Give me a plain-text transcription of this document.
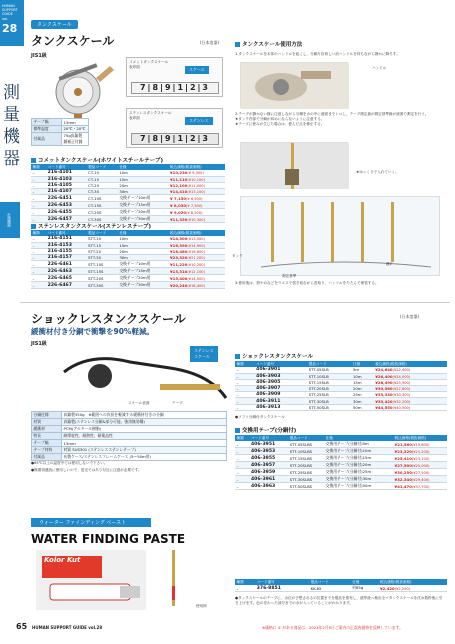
HUMAN
SUPPORT
GUIDE
vol.
28
測量機器
計測機器
タンクスケール
タンクスケール	(日本度器)
JIS1級
テープ幅	13mm
標準温度	20℃・20℃
付属品	75g真鍮製
錘補正付錘
コメットタンクスケール
表印面
スケール
7|8|9|1|2|3
ステンレスタンクスケール
表印面
ステンレス
7|8|9|1|2|3
タンクスケール使用方法
1.タンクスケールを本体のハンドルを起こし、分銅片負荷しい前ハンドルを持ちながら静かに降ろす。
ハンドル
2.テープが静かない様に注意しながら分銅を水の中に液面までトロし、テープ測定値が測定基準線が液面で測定を行う。
★タンク内部で分銅が斜めにならないように注意する。
★テープに使みが生じた場合は、使んだ点を修正する。
★ゆっくりで入れていく。
タンク
測定基準
錘2
3.使用後は、鉛やのなどをウエスで拭き取ながら巻取り、ハンドルをたたんで保管する。
コメットタンクスケール(ホワイトスチールテープ)
種類	コード番号	製品コード	仕様	税込価格(税抜価格)
–	216-4101	CT-10	10m	¥10,230(¥ 9,300)
–	216-4103	CT-15	15m	¥11,110(¥10,100)
–	216-4105	CT-20	20m	¥12,100(¥11,000)
–	216-4107	CT-30	30m	¥14,410(¥13,100)
–	226-6451	CT-10S	交換テープ10m用	¥ 7,150(¥ 6,500)
–	226-6453	CT-15S	交換テープ15m用	¥ 8,030(¥ 7,300)
–	226-6455	CT-20S	交換テープ20m用	¥ 9,020(¥ 8,200)
–	226-6457	CT-30S	交換テープ30m用	¥11,330(¥10,300)
ステンレスタンクスケール(ステンレステープ)
種類	コード番号	製品コード	仕様	税込価格(税抜価格)
–	216-4151	STT-10	10m	¥14,300(¥13,000)
–	216-4153	STT-15	15m	¥16,390(¥14,900)
–	216-4155	STT-20	20m	¥18,480(¥16,800)
–	216-4157	STT-30	30m	¥23,320(¥21,200)
–	226-6461	STT-10S	交換テープ10m用	¥11,220(¥10,200)
–	226-6463	STT-15S	交換テープ15m用	¥13,310(¥12,100)
–	226-6465	STT-20S	交換テープ20m用	¥15,400(¥14,000)
–	226-6467	STT-30S	交換テープ30m用	¥20,240(¥18,400)
ショックレスタンクスケール	(日本度器)
緩衝材付き分銅で衝撃を90%軽減。
JIS1級
ステンレス
スケール
スケール表面	テープ
分銅仕様	真鍮製350g　※範囲への負担を軽減する緩衝材付きの分銅
材質	真鍮製(ステンレス分銅&部分可能、強溶無効構)
緩衝材	PCM(アセタール樹脂)
特長	耐摩耗性、耐熱性、耐薬品性
テープ幅	13mm
テープ材料	材質 SUS301 (ステンレスステンレテープ)
付属品	布製ケース/ステンレスフレームケース (5〜50m用)
●65℃以上の温度中では使用しないで下さい。
●無期再連続に使用しいので、蛍光ではあり付近に注意が必要です。
ショックレスタンクスケール
種類	コード番号	製品コード	仕様	税込価格(税抜価格)
–	406-3901	STT-05SLB	5m	¥24,640(¥22,400)
–	406-3903	STT-10SLB	10m	¥26,400(¥24,000)
–	406-3905	STT-15SLB	15m	¥28,490(¥25,900)
–	406-3907	STT-20SLB	20m	¥30,580(¥27,800)
–	406-3909	STT-25SLB	25m	¥33,330(¥30,300)
–	406-3911	STT-30SLB	30m	¥35,420(¥32,200)
–	406-3913	STT-50SLB	50m	¥44,550(¥40,500)
●ソフト分銅付タンクスケール
交換用テープ(分銅付)
種類	コード番号	製品コード	仕様	税込価格(税抜価格)
–	406-3951	STT-05SLBS	交換用テープ(分銅付)5m	¥21,560(¥19,600)
–	406-3953	STT-10SLBS	交換用テープ(分銅付)10m	¥23,320(¥21,200)
–	406-3955	STT-15SLBS	交換用テープ(分銅付)15m	¥25,410(¥23,100)
–	406-3957	STT-20SLBS	交換用テープ(分銅付)20m	¥27,500(¥25,000)
–	406-3959	STT-25SLBS	交換用テープ(分銅付)25m	¥30,250(¥27,500)
–	406-3961	STT-30SLBS	交換用テープ(分銅付)30m	¥32,340(¥29,400)
–	406-3963	STT-50SLBS	交換用テープ(分銅付)50m	¥41,470(¥37,700)
ウォーター ファインディング ペースト
WATER FINDING PASTE
Kolor Kut
使用例
種類	コード番号	製品コード	仕様	税込価格(税抜価格)
–	376-8851	KK-85	約85g	¥2,420(¥2,200)
●タンクスケールのテープに、水位が予想されるの位置までを製品を塗布し、液等液へ検出全マタンクスケールを沈め数秒後に引き上げます。色の変わった部分までの水が入っていることがわかります。
65 HUMAN SUPPORT GUIDE vol.28	※価格に ① がある商品は、2024年2月5日ご案内の正誤表価格を反映しています。
